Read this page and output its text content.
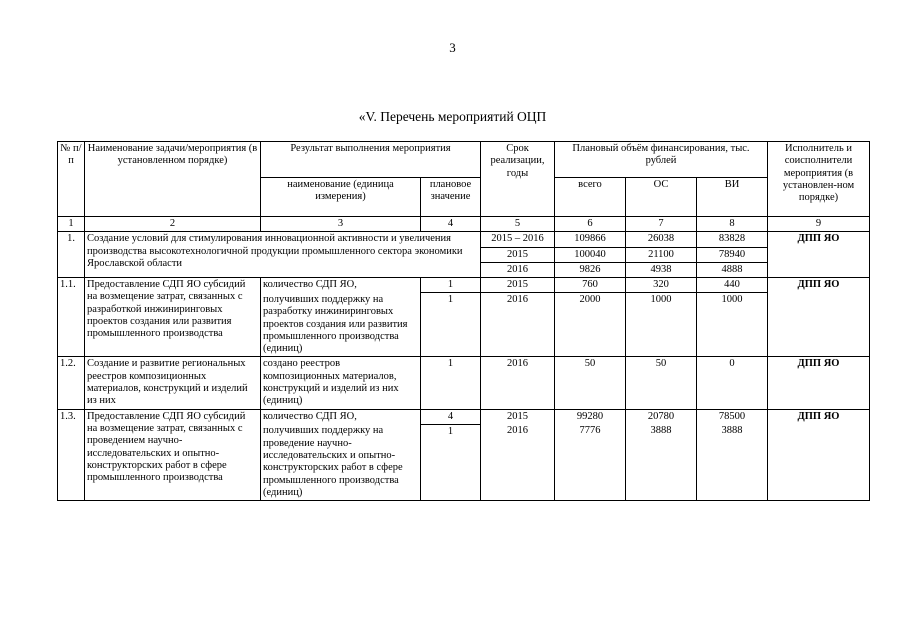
3
«V. Перечень мероприятий ОЦП
№ п/п	Наименование задачи/мероприятия (в установленном порядке)	Результат выполнения мероприятия		Срок реализации, годы	Плановый объём финансирования, тыс. рублей			Исполнитель и соисполнители мероприятия (в установлен-ном порядке)
		наименование (единица измерения)	плановое значение		всего	ОС	ВИ	
1	2	3	4	5	6	7	8	9
1.	Создание условий для стимулирования инновационной активности и увеличения производства высокотехнологичной продукции промышленного сектора экономики Ярославской области			2015 – 2016	109866	26038	83828	ДПП ЯО
				2015	100040	21100	78940	
				2016	9826	4938	4888	
1.1.	Предоставление СДП ЯО субсидий на возмещение затрат, связанных с разработкой инжиниринговых проектов создания или развития промышленного производства	количество СДП ЯО,	1	2015	760	320	440	ДПП ЯО
		получивших поддержку на разработку инжиниринговых проектов создания или развития промышленного производства (единиц)	1	2016	2000	1000	1000	
1.2.	Создание и развитие региональных реестров композиционных материалов, конструкций и изделий из них	создано реестров композиционных материалов, конструкций и изделий из них (единиц)	1	2016	50	50	0	ДПП ЯО
1.3.	Предоставление СДП ЯО субсидий на возмещение затрат, связанных с проведением научно-исследовательских и опытно-конструкторских работ в сфере промышленного производства	количество СДП ЯО,	4	2015	99280	20780	78500	ДПП ЯО
		получивших поддержку на проведение научно-исследовательских и опытно-конструкторских работ в сфере промышленного производства (единиц)	1	2016	7776	3888	3888	
